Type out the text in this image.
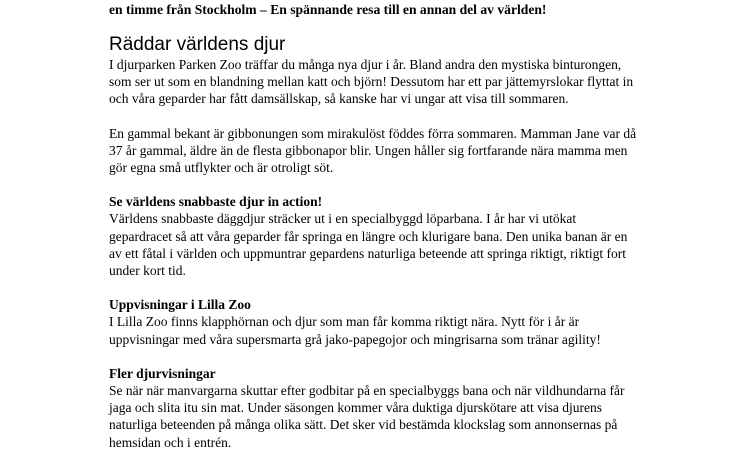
en timme från Stockholm – En spännande resa till en annan del av världen!

Räddar världens djur

I djurparken Parken Zoo träffar du många nya djur i år. Bland andra den mystiska binturongen,
som ser ut som en blandning mellan katt och björn! Dessutom har ett par jättemyrslokar flyttat in
och våra geparder har fått damsällskap, så kanske har vi ungar att visa till sommaren.

En gammal bekant är gibbonungen som mirakulöst föddes förra sommaren. Mamman Jane var då
37 år gammal, äldre än de flesta gibbonapor blir. Ungen håller sig fortfarande nära mamma men
gör egna små utflykter och är otroligt söt.

Se världens snabbaste djur in action!
Världens snabbaste däggdjur sträcker ut i en specialbyggd löparbana. I år har vi utökat
gepardracet så att våra geparder får springa en längre och klurigare bana. Den unika banan är en
av ett fåtal i världen och uppmuntrar gepardens naturliga beteende att springa riktigt, riktigt fort
under kort tid.

Uppvisningar i Lilla Zoo
I Lilla Zoo finns klapphörnan och djur som man får komma riktigt nära. Nytt för i år är
uppvisningar med våra supersmarta grå jako-papegojor och mingrisarna som tränar agility!

Fler djurvisningar
Se när när manvargarna skuttar efter godbitar på en specialbyggs bana och när vildhundarna får
jaga och slita itu sin mat. Under säsongen kommer våra duktiga djurskötare att visa djurens
naturliga beteenden på många olika sätt. Det sker vid bestämda klockslag som annonsernas på
hemsidan och i entrén.
